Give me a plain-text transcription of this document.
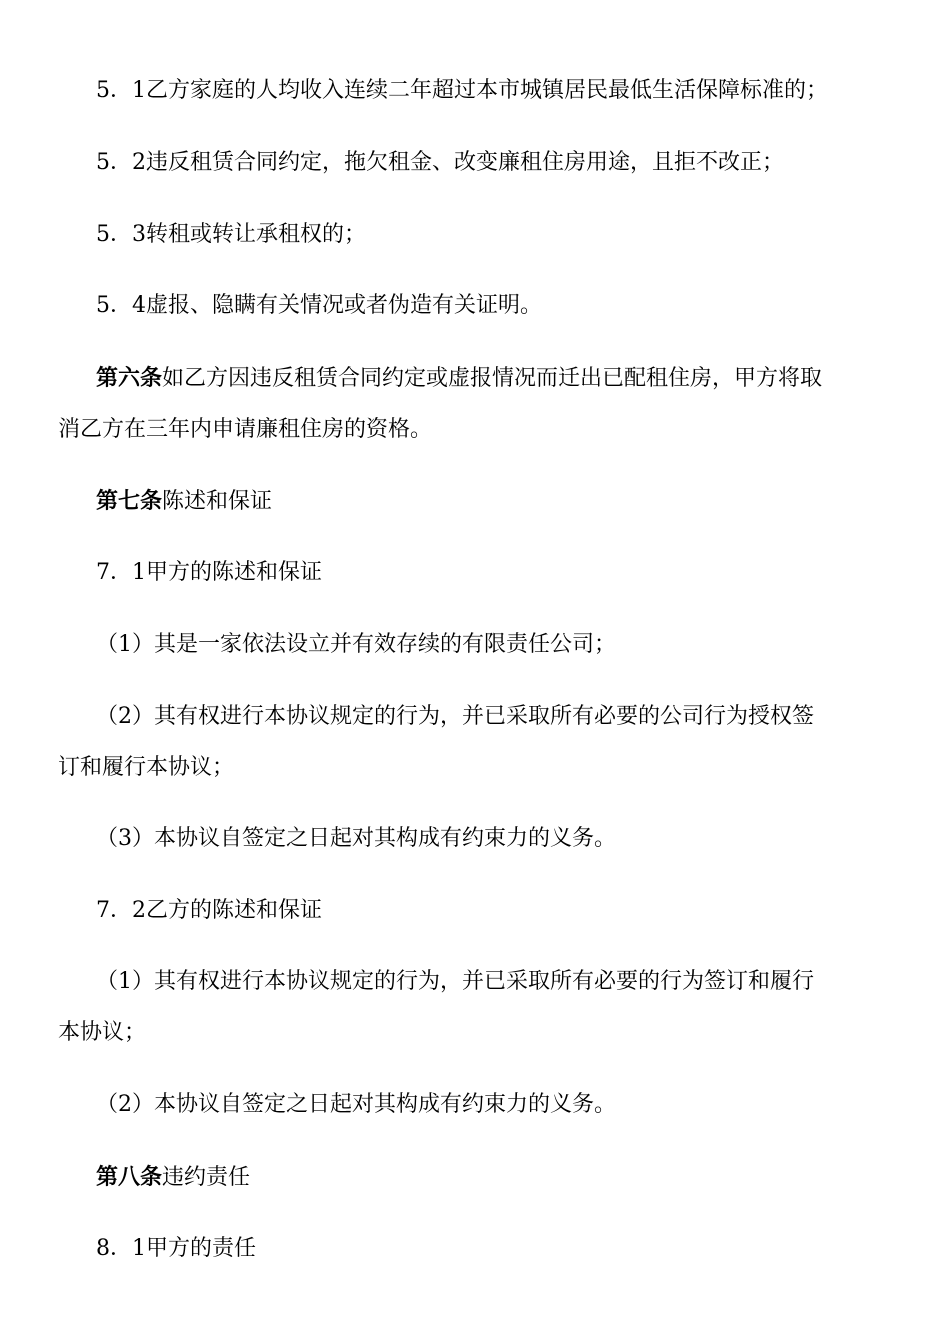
5．1乙方家庭的人均收入连续二年超过本市城镇居民最低生活保障标准的；
5．2违反租赁合同约定，拖欠租金、改变廉租住房用途，且拒不改正；
5．3转租或转让承租权的；
5．4虚报、隐瞒有关情况或者伪造有关证明。
第六条如乙方因违反租赁合同约定或虚报情况而迁出已配租住房，甲方将取
消乙方在三年内申请廉租住房的资格。
第七条陈述和保证
7．1甲方的陈述和保证
（1）其是一家依法设立并有效存续的有限责任公司；
（2）其有权进行本协议规定的行为，并已采取所有必要的公司行为授权签
订和履行本协议；
（3）本协议自签定之日起对其构成有约束力的义务。
7．2乙方的陈述和保证
（1）其有权进行本协议规定的行为，并已采取所有必要的行为签订和履行
本协议；
（2）本协议自签定之日起对其构成有约束力的义务。
第八条违约责任
8．1甲方的责任
